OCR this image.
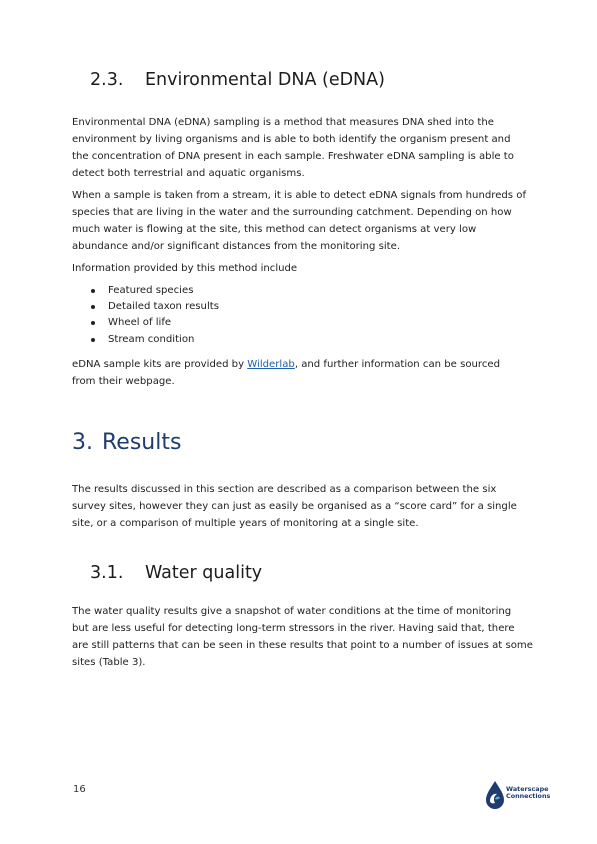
2.3. Environmental DNA (eDNA)

Environmental DNA (eDNA) sampling is a method that measures DNA shed into the
environment by living organisms and is able to both identify the organism present and
the concentration of DNA present in each sample. Freshwater eDNA sampling is able to
detect both terrestrial and aquatic organisms.

When a sample is taken from a stream, it is able to detect eDNA signals from hundreds of
species that are living in the water and the surrounding catchment. Depending on how
much water is flowing at the site, this method can detect organisms at very low
abundance and/or significant distances from the monitoring site.

Information provided by this method include

Featured species
Detailed taxon results
Wheel of life
Stream condition

eDNA sample kits are provided by Wilderlab, and further information can be sourced
from their webpage.

3. Results

The results discussed in this section are described as a comparison between the six
survey sites, however they can just as easily be organised as a “score card” for a single
site, or a comparison of multiple years of monitoring at a single site.

3.1. Water quality

The water quality results give a snapshot of water conditions at the time of monitoring
but are less useful for detecting long-term stressors in the river. Having said that, there
are still patterns that can be seen in these results that point to a number of issues at some
sites (Table 3).

16	Waterscape
Connections
